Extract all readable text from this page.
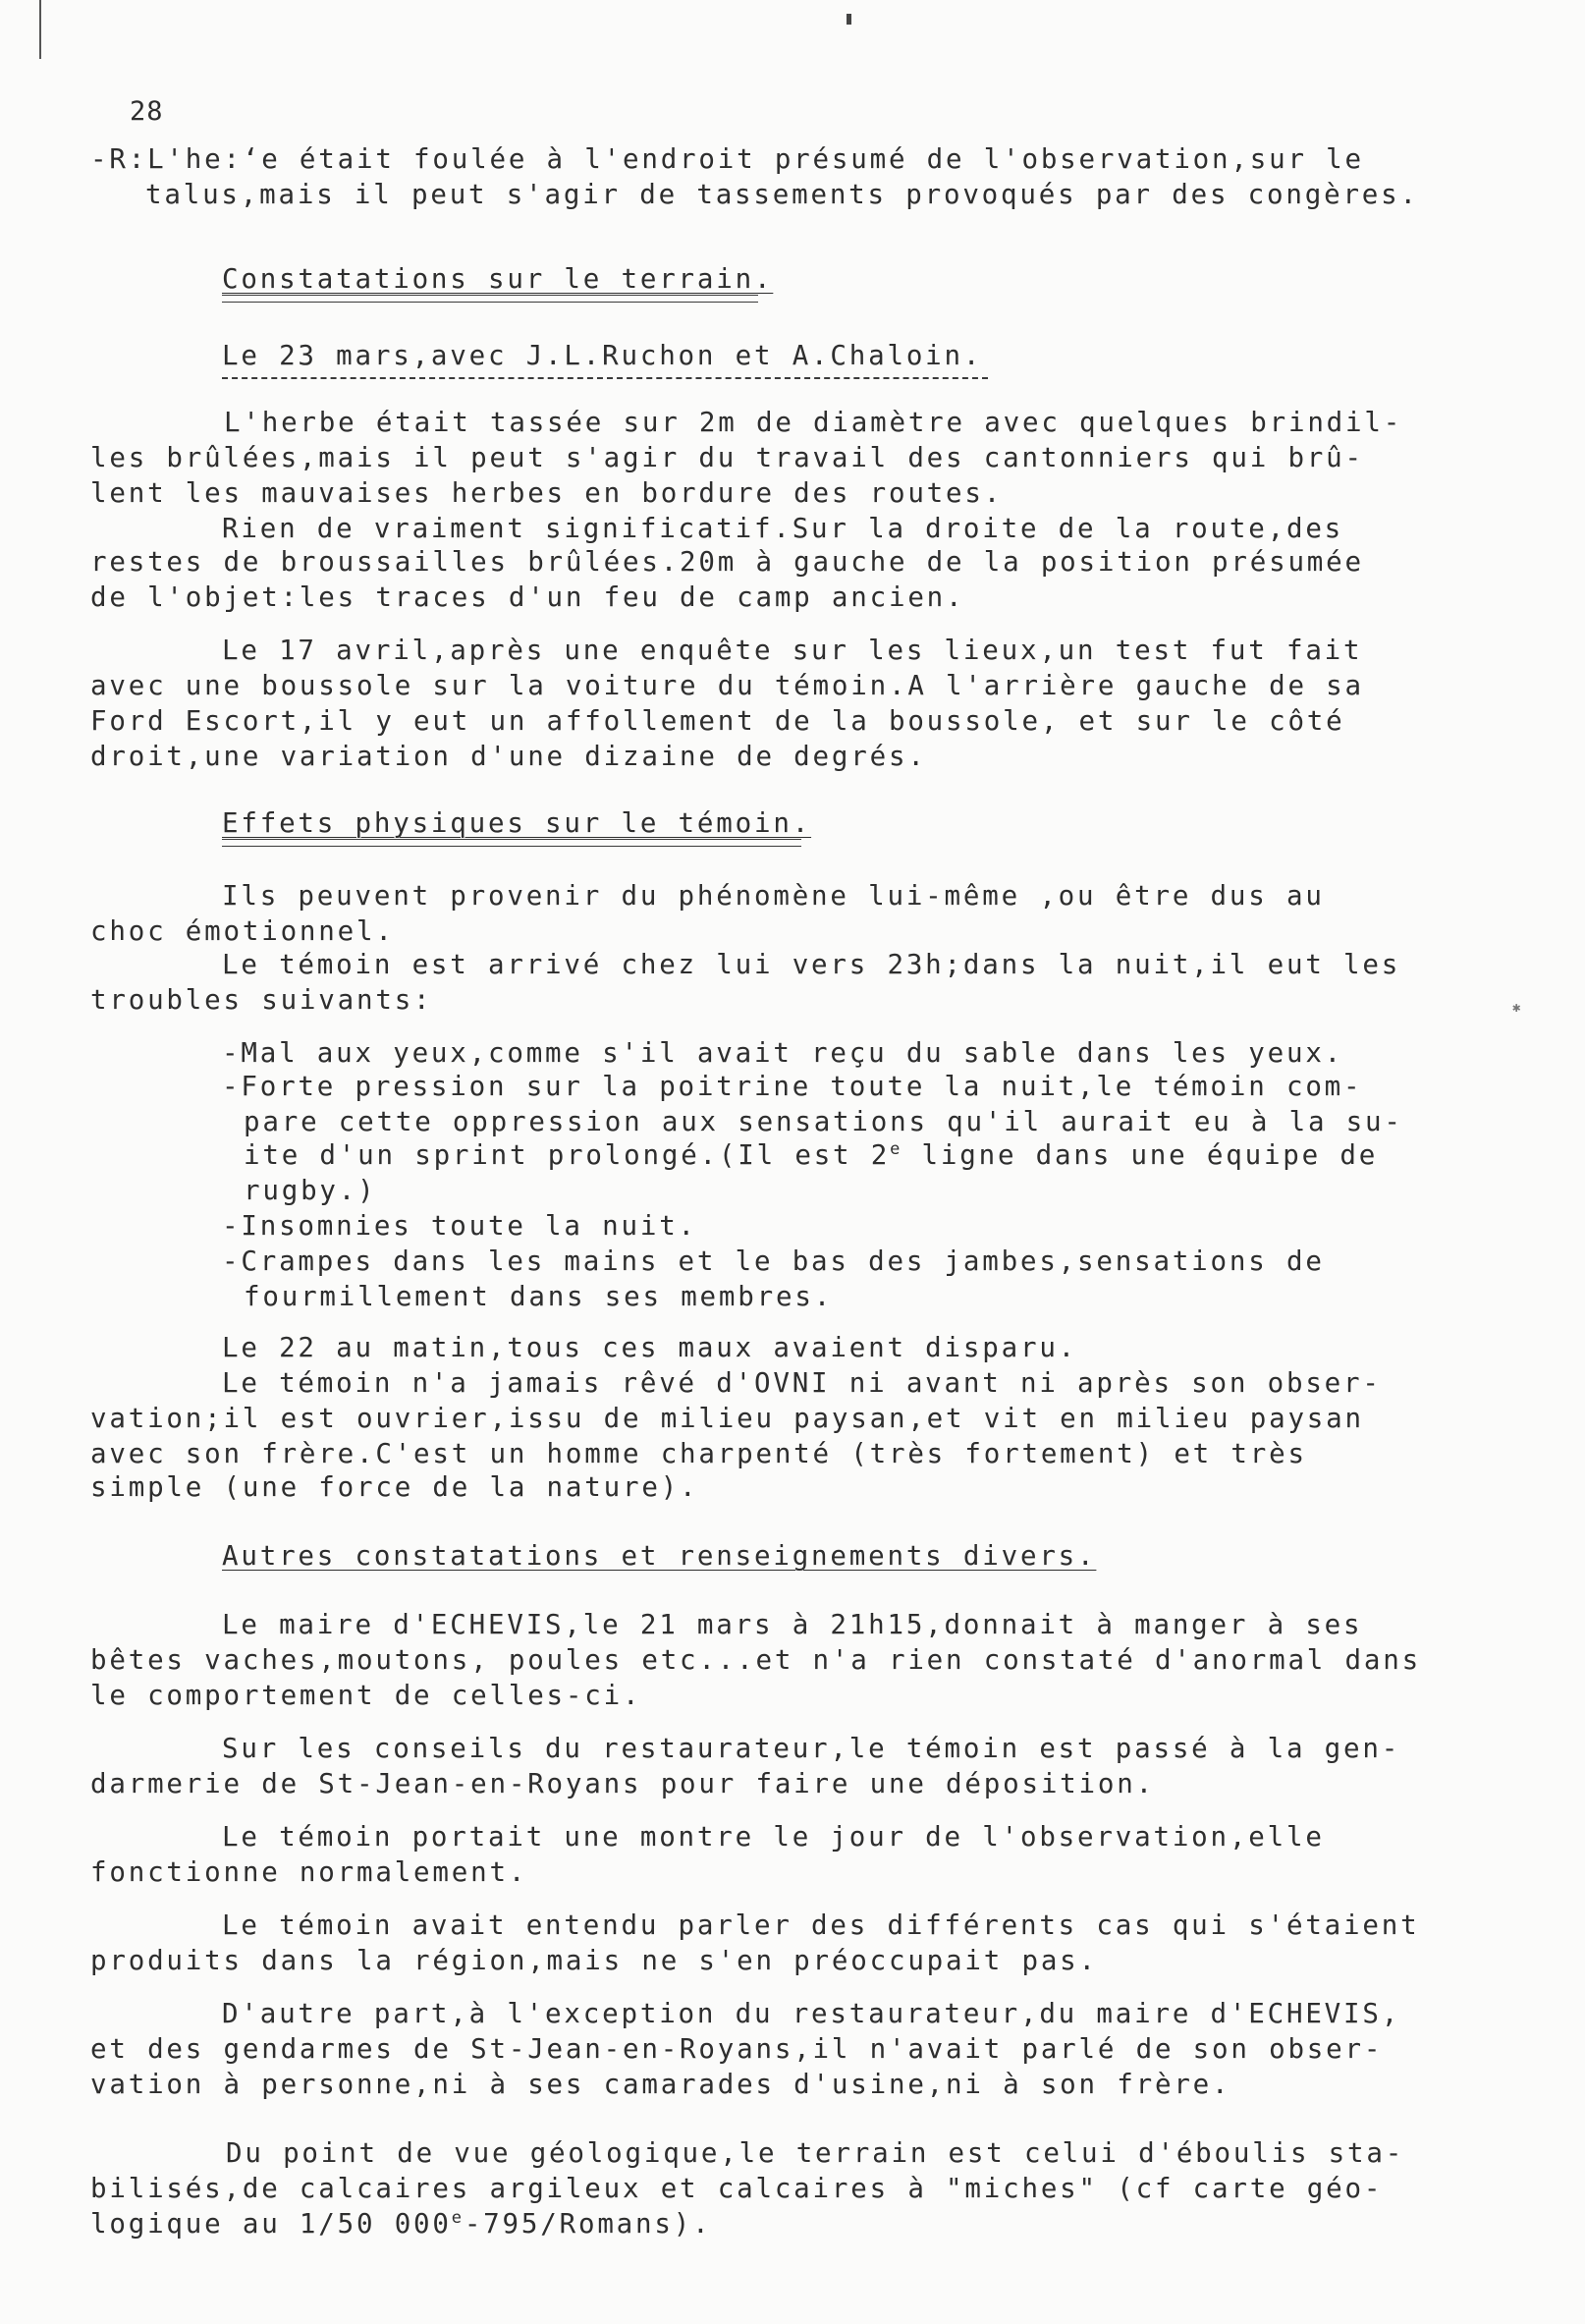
✱
28
-R:L'he:ʻe était foulée à l'endroit présumé de l'observation,sur le
talus,mais il peut s'agir de tassements provoqués par des congères.
Constatations sur le terrain.
Le 23 mars,avec J.L.Ruchon et A.Chaloin.
L'herbe était tassée sur 2m de diamètre avec quelques brindil-
les brûlées,mais il peut s'agir du travail des cantonniers qui brû-
lent les mauvaises herbes en bordure des routes.
Rien de vraiment significatif.Sur la droite de la route,des
restes de broussailles brûlées.20m à gauche de la position présumée
de l'objet:les traces d'un feu de camp ancien.
Le 17 avril,après une enquête sur les lieux,un test fut fait
avec une boussole sur la voiture du témoin.A l'arrière gauche de sa
Ford Escort,il y eut un affollement de la boussole, et sur le côté
droit,une variation d'une dizaine de degrés.
Effets physiques sur le témoin.
Ils peuvent provenir du phénomène lui-même ,ou être dus au
choc émotionnel.
Le témoin est arrivé chez lui vers 23h;dans la nuit,il eut les
troubles suivants:
-Mal aux yeux,comme s'il avait reçu du sable dans les yeux.
-Forte pression sur la poitrine toute la nuit,le témoin com-
pare cette oppression aux sensations qu'il aurait eu à la su-
ite d'un sprint prolongé.(Il est 2e ligne dans une équipe de
rugby.)
-Insomnies toute la nuit.
-Crampes dans les mains et le bas des jambes,sensations de
fourmillement dans ses membres.
Le 22 au matin,tous ces maux avaient disparu.
Le témoin n'a jamais rêvé d'OVNI ni avant ni après son obser-
vation;il est ouvrier,issu de milieu paysan,et vit en milieu paysan
avec son frère.C'est un homme charpenté (très fortement) et très
simple (une force de la nature).
Autres constatations et renseignements divers.
Le maire d'ECHEVIS,le 21 mars à 21h15,donnait à manger à ses
bêtes vaches,moutons, poules etc...et n'a rien constaté d'anormal dans
le comportement de celles-ci.
Sur les conseils du restaurateur,le témoin est passé à la gen-
darmerie de St-Jean-en-Royans pour faire une déposition.
Le témoin portait une montre le jour de l'observation,elle
fonctionne normalement.
Le témoin avait entendu parler des différents cas qui s'étaient
produits dans la région,mais ne s'en préoccupait pas.
D'autre part,à l'exception du restaurateur,du maire d'ECHEVIS,
et des gendarmes de St-Jean-en-Royans,il n'avait parlé de son obser-
vation à personne,ni à ses camarades d'usine,ni à son frère.
Du point de vue géologique,le terrain est celui d'éboulis sta-
bilisés,de calcaires argileux et calcaires à "miches" (cf carte géo-
logique au 1/50 000e-795/Romans).
